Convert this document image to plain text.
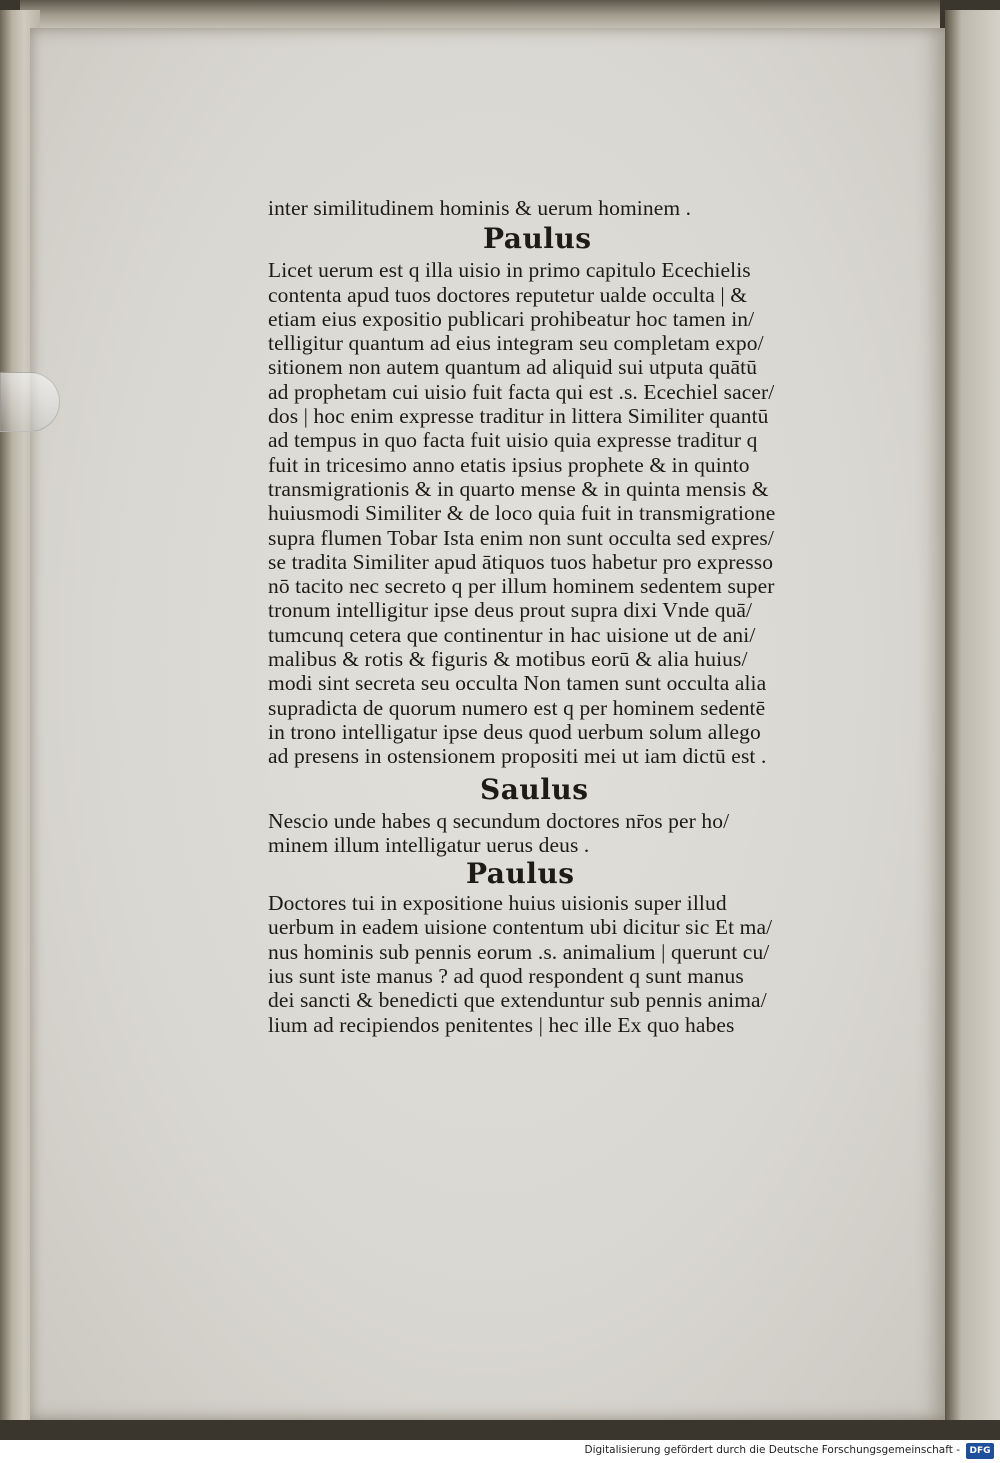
inter similitudinem hominis & uerum hominem .
Paulus
Licet uerum est q illa uisio in primo capitulo Ecechielis
contenta apud tuos doctores reputetur ualde occulta | &
etiam eius expositio publicari prohibeatur hoc tamen in/
telligitur quantum ad eius integram seu completam expo/
sitionem non autem quantum ad aliquid sui utputa quātū
ad prophetam cui uisio fuit facta qui est .s. Ecechiel sacer/
dos | hoc enim expresse traditur in littera Similiter quantū
ad tempus in quo facta fuit uisio quia expresse traditur q
fuit in tricesimo anno etatis ipsius prophete & in quinto
transmigrationis & in quarto mense & in quinta mensis &
huiusmodi Similiter & de loco quia fuit in transmigratione
supra flumen Tobar Ista enim non sunt occulta sed expres/
se tradita Similiter apud ātiquos tuos habetur pro expresso
nō tacito nec secreto q per illum hominem sedentem super
tronum intelligitur ipse deus prout supra dixi Vnde quā/
tumcunq cetera que continentur in hac uisione ut de ani/
malibus & rotis & figuris & motibus eorū & alia huius/
modi sint secreta seu occulta Non tamen sunt occulta alia
supradicta de quorum numero est q per hominem sedentē
in trono intelligatur ipse deus quod uerbum solum allego
ad presens in ostensionem propositi mei ut iam dictū est .
Saulus
Nescio unde habes q secundum doctores nr̄os per ho/
minem illum intelligatur uerus deus .
Paulus
Doctores tui in expositione huius uisionis super illud
uerbum in eadem uisione contentum ubi dicitur sic Et ma/
nus hominis sub pennis eorum .s. animalium | querunt cu/
ius sunt iste manus ? ad quod respondent q sunt manus
dei sancti & benedicti que extenduntur sub pennis anima/
lium ad recipiendos penitentes | hec ille Ex quo habes
Digitalisierung gefördert durch die Deutsche Forschungsgemeinschaft -	DFG
